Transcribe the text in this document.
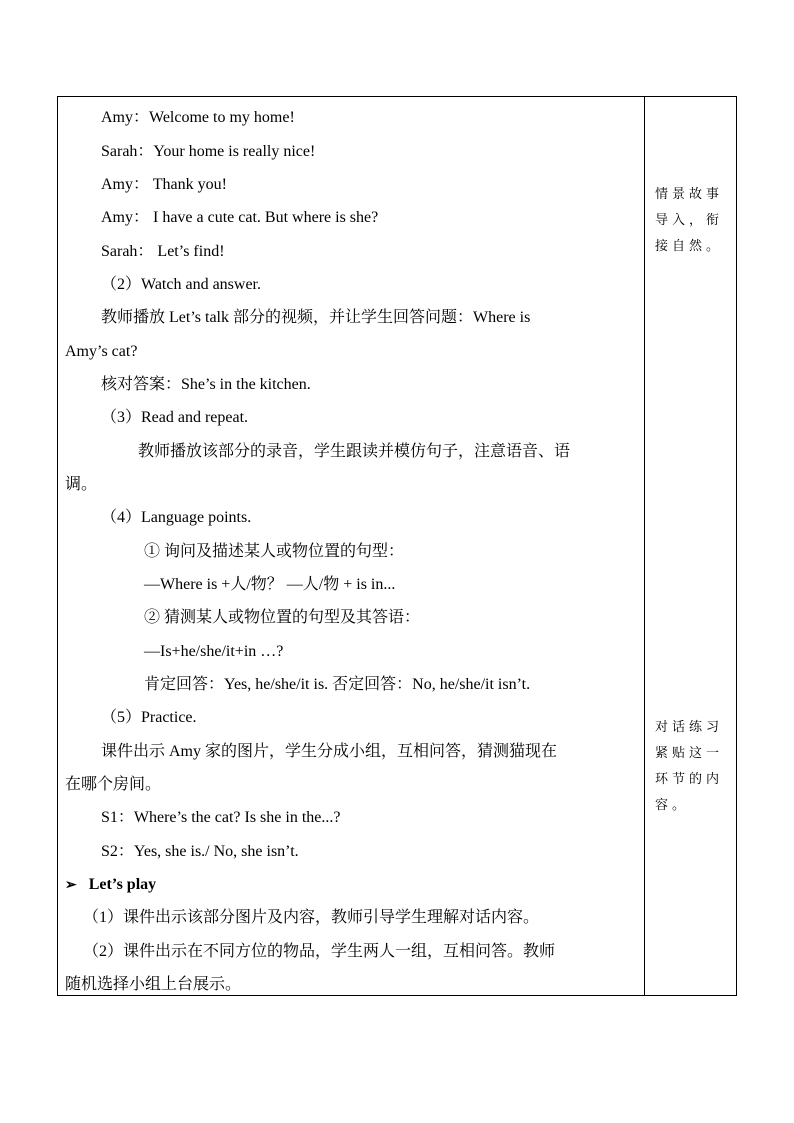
Amy：Welcome to my home!
Sarah：Your home is really nice!
Amy： Thank you!
Amy： I have a cute cat. But where is she?
Sarah： Let’s find!
（2）Watch and answer.
教师播放 Let’s talk 部分的视频，并让学生回答问题：Where is
Amy’s cat?
核对答案：She’s in the kitchen.
（3）Read and repeat.
教师播放该部分的录音，学生跟读并模仿句子，注意语音、语
调。
（4）Language points.
① 询问及描述某人或物位置的句型：
—Where is +人/物？ —人/物 + is in...
② 猜测某人或物位置的句型及其答语：
—Is+he/she/it+in …?
肯定回答：Yes, he/she/it is. 否定回答：No, he/she/it isn’t.
（5）Practice.
课件出示 Amy 家的图片，学生分成小组，互相问答，猜测猫现在
在哪个房间。
S1：Where’s the cat? Is she in the...?
S2：Yes, she is./ No, she isn’t.
➢ Let’s play
（1）课件出示该部分图片及内容，教师引导学生理解对话内容。
（2）课件出示在不同方位的物品，学生两人一组，互相问答。教师
随机选择小组上台展示。
情景故事导入，衔接自然。
对话练习紧贴这一环节的内容。
